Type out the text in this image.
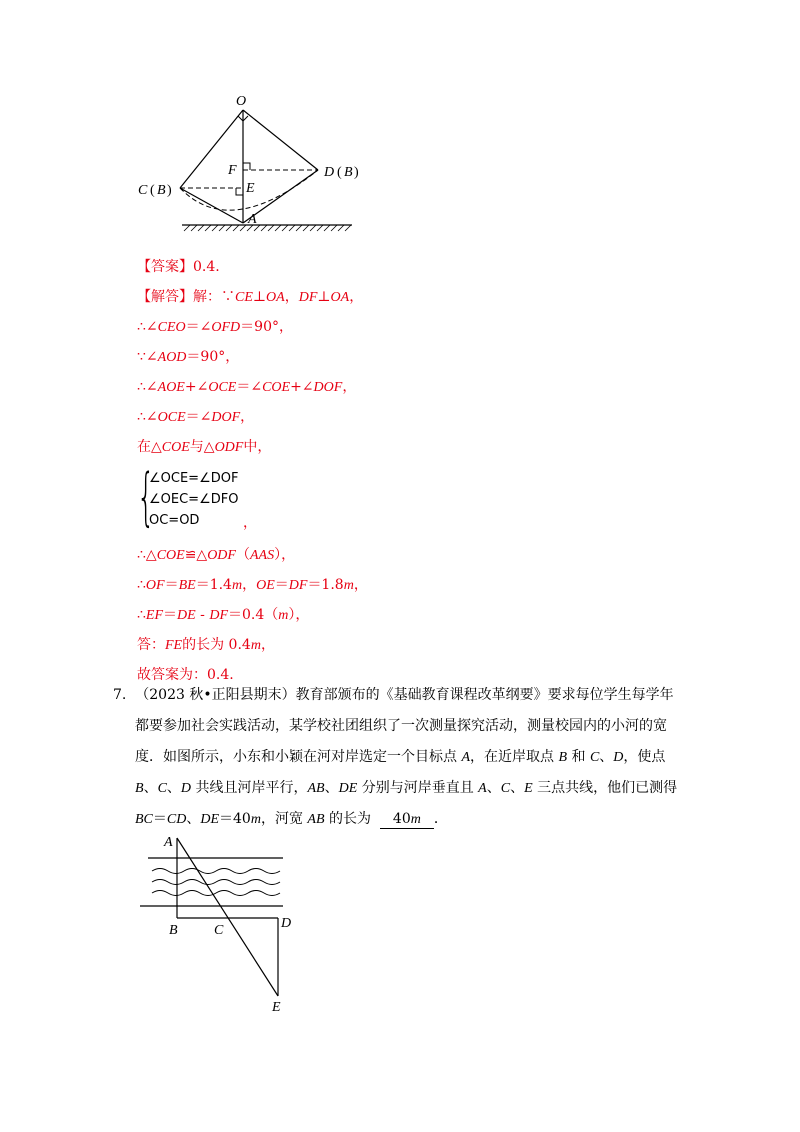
O
F	D ( B )
C ( B )	E
A
【答案】0.4.
【解答】解：∵CE⊥OA，DF⊥OA，
∴∠CEO＝∠OFD＝90°，
∵∠AOD＝90°，
∴∠AOE+∠OCE＝∠COE+∠DOF，
∴∠OCE＝∠DOF，
在△COE与△ODF中，
{
∠OCE=∠DOF
∠OEC=∠DFO
OC=OD	，
∴△COE≌△ODF（AAS），
∴OF＝BE＝1.4m，OE＝DF＝1.8m，
∴EF＝DE - DF＝0.4（m），
答：FE的长为 0.4m，
故答案为：0.4.
7. （2023 秋•正阳县期末）教育部颁布的《基础教育课程改革纲要》要求每位学生每学年
都要参加社会实践活动，某学校社团组织了一次测量探究活动，测量校园内的小河的宽
度．如图所示，小东和小颖在河对岸选定一个目标点 A，在近岸取点 B 和 C、D，使点
B、C、D 共线且河岸平行，AB、DE 分别与河岸垂直且 A、C、E 三点共线，他们已测得
BC＝CD、DE＝40m，河宽 AB 的长为  40m ．
A
B	C	D
E
